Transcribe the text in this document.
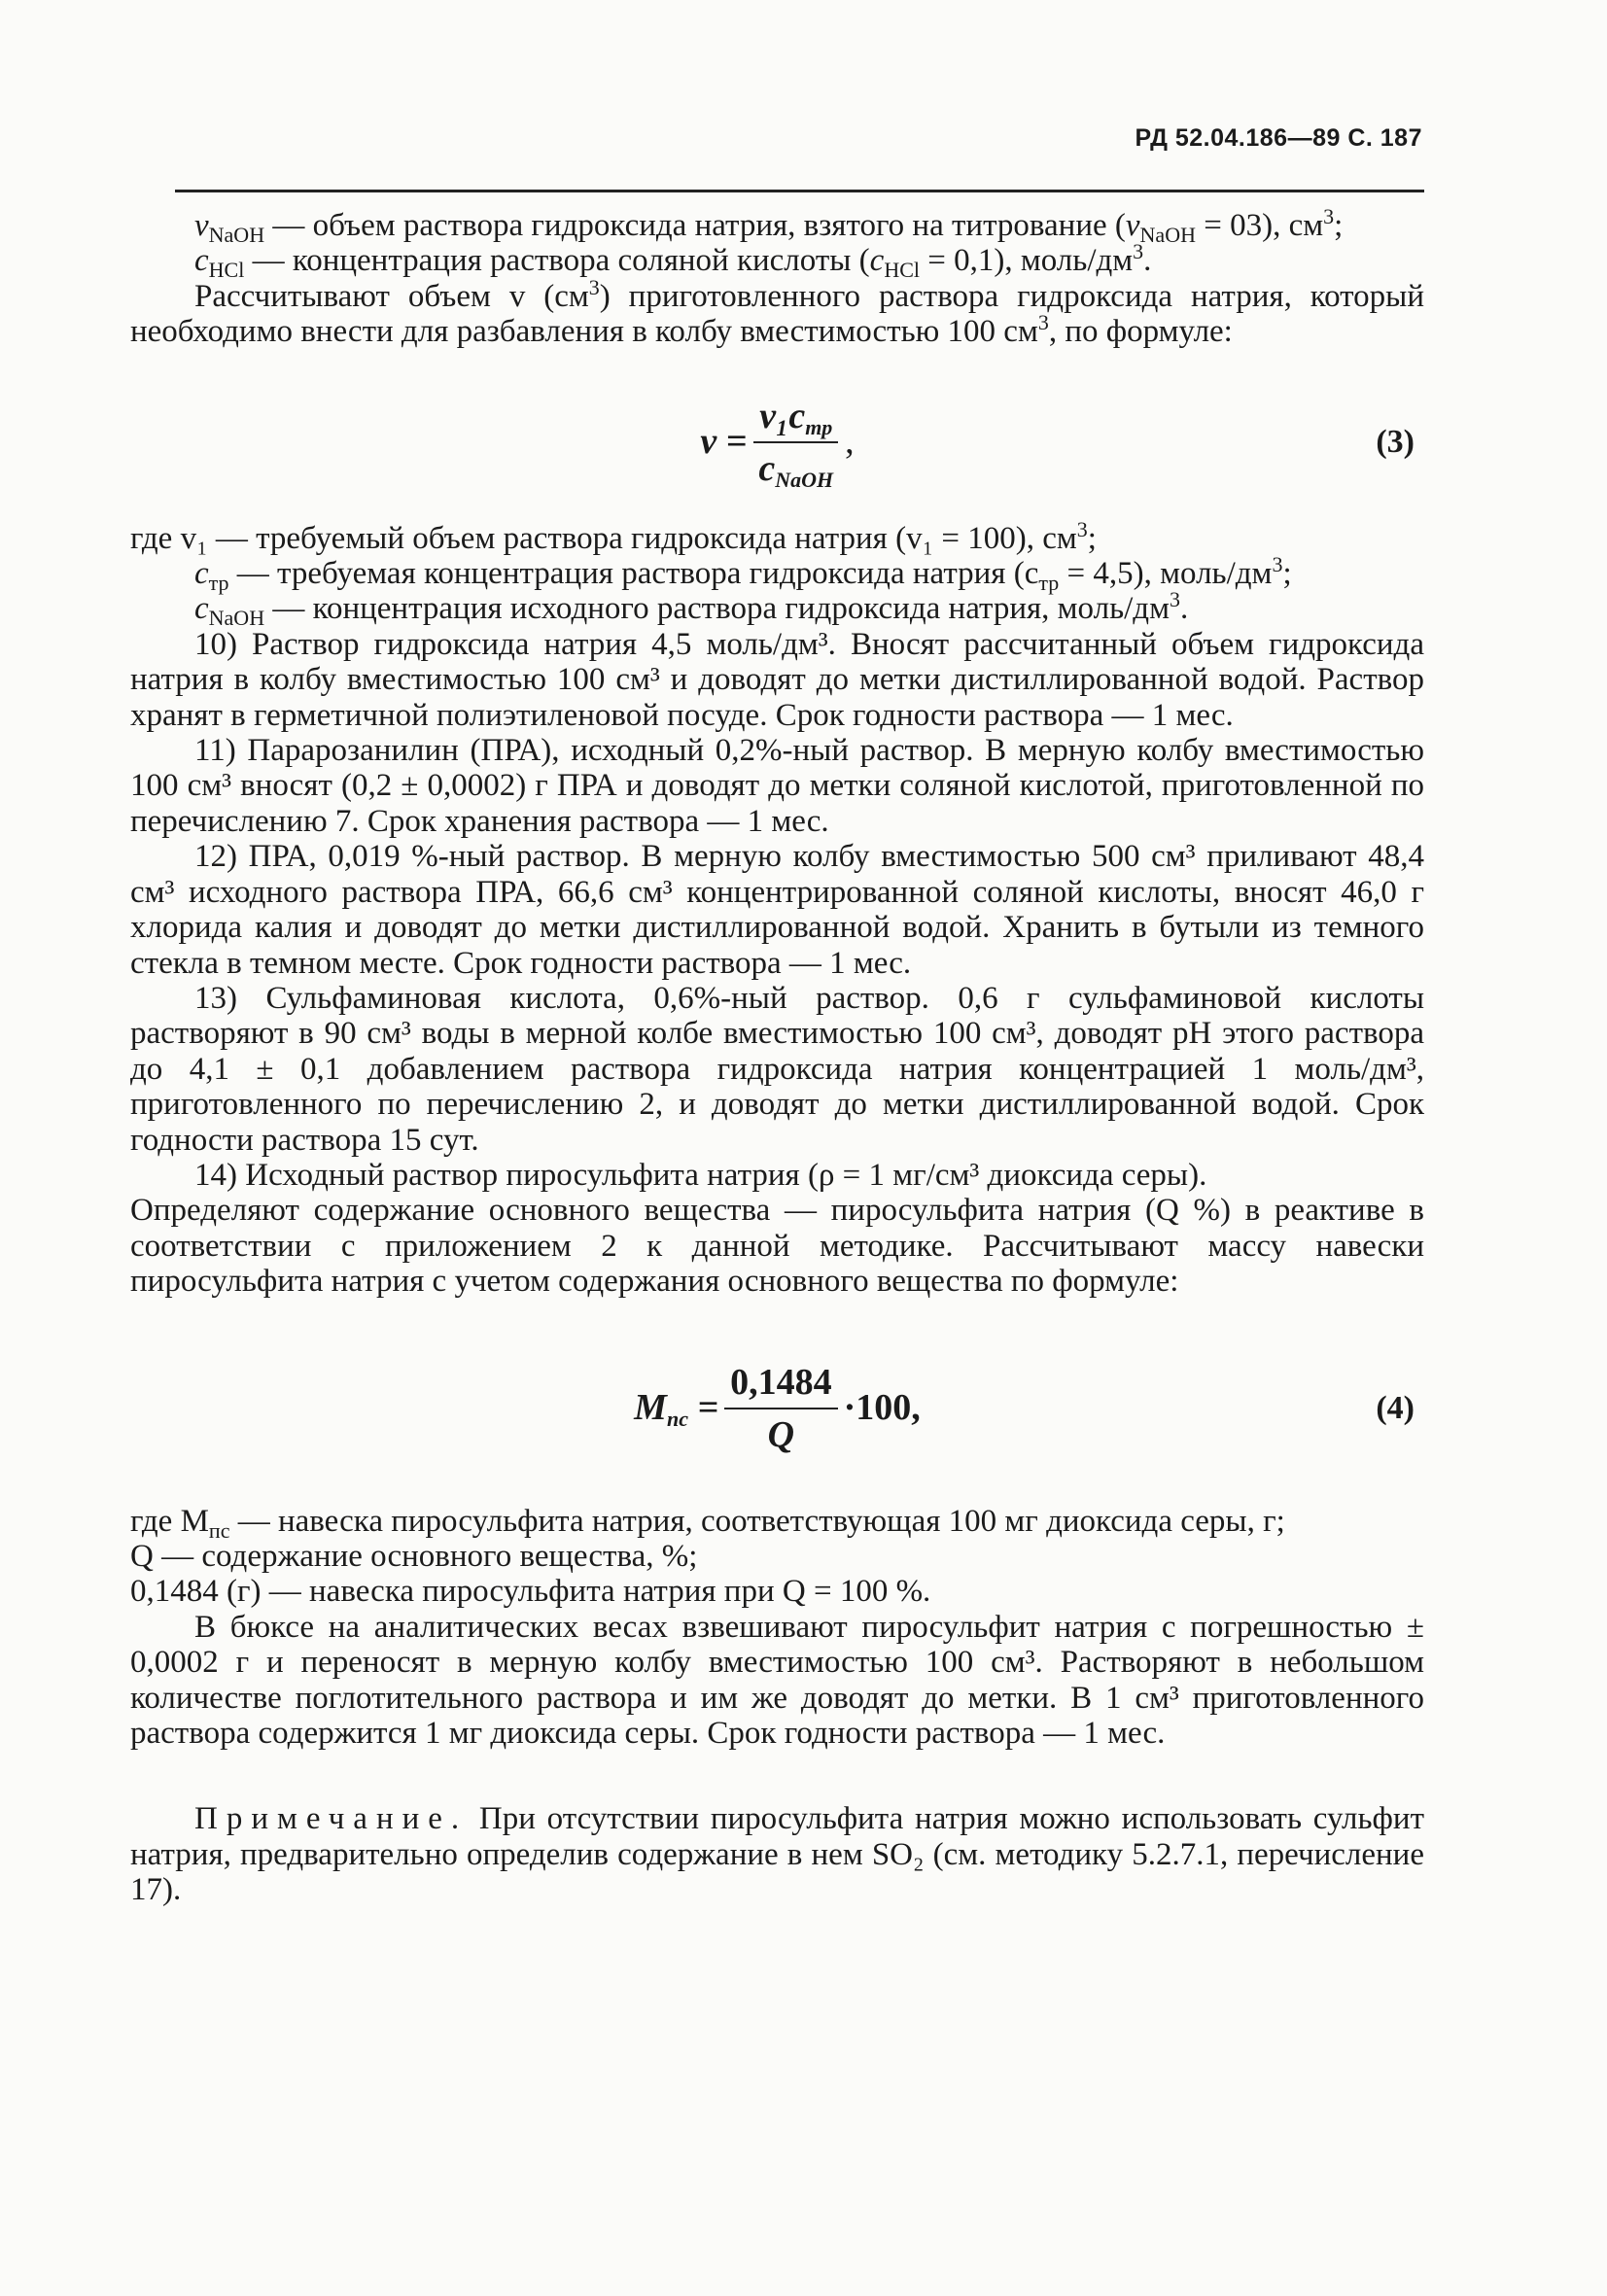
РД 52.04.186—89 С. 187

$v_{NaOH}$ — объем раствора гидроксида натрия, взятого на титрование $(v_{NaOH} = 03)$, $см^3$;

$c_{HCl}$ — концентрация раствора соляной кислоты $(c_{HCl} = 0,1)$, моль/$дм^3$.

Рассчитывают объем v $(см^3)$ приготовленного раствора гидроксида натрия, который необходимо внести для разбавления в колбу вместимостью 100 $см^3$, по формуле:

$v = \frac{v_1c_{тр}}{c_{NaOH}}$ ,	(3)

где v₁ — требуемый объем раствора гидроксида натрия (v₁ = 100), $см^3$;

$c_{тр}$ — требуемая концентрация раствора гидроксида натрия $(c_{тр} = 4,5)$, моль/$дм^3$;

$c_{NaOH}$ — концентрация исходного раствора гидроксида натрия, моль/$дм^3$.

10) Раствор гидроксида натрия 4,5 моль/дм³. Вносят рассчитанный объем гидроксида натрия в колбу вместимостью 100 см³ и доводят до метки дистиллированной водой. Раствор хранят в герметичной полиэтиленовой посуде. Срок годности раствора — 1 мес.

11) Парарозанилин (ПРА), исходный 0,2%-ный раствор. В мерную колбу вместимостью 100 см³ вносят (0,2 ± 0,0002) г ПРА и доводят до метки соляной кислотой, приготовленной по перечислению 7. Срок хранения раствора — 1 мес.

12) ПРА, 0,019 %-ный раствор. В мерную колбу вместимостью 500 см³ приливают 48,4 см³ исходного раствора ПРА, 66,6 см³ концентрированной соляной кислоты, вносят 46,0 г хлорида калия и доводят до метки дистиллированной водой. Хранить в бутыли из темного стекла в темном месте. Срок годности раствора — 1 мес.

13) Сульфаминовая кислота, 0,6%-ный раствор. 0,6 г сульфаминовой кислоты растворяют в 90 см³ воды в мерной колбе вместимостью 100 см³, доводят рН этого раствора до 4,1 ± 0,1 добавлением раствора гидроксида натрия концентрацией 1 моль/дм³, приготовленного по перечислению 2, и доводят до метки дистиллированной водой. Срок годности раствора 15 сут.

14) Исходный раствор пиросульфита натрия (ρ = 1 мг/см³ диоксида серы).

Определяют содержание основного вещества — пиросульфита натрия (Q %) в реактиве в соответствии с приложением 2 к данной методике. Рассчитывают массу навески пиросульфита натрия с учетом содержания основного вещества по формуле:

$M_{пс} = \frac{0,1484}{Q} \cdot 100$,	(4)

где $M_{пс}$ — навеска пиросульфита натрия, соответствующая 100 мг диоксида серы, г;

Q — содержание основного вещества, %;

0,1484 (г) — навеска пиросульфита натрия при Q = 100 %.

В бюксе на аналитических весах взвешивают пиросульфит натрия с погрешностью ± 0,0002 г и переносят в мерную колбу вместимостью 100 см³. Растворяют в небольшом количестве поглотительного раствора и им же доводят до метки. В 1 см³ приготовленного раствора содержится 1 мг диоксида серы. Срок годности раствора — 1 мес.

Примечание. При отсутствии пиросульфита натрия можно использовать сульфит натрия, предварительно определив содержание в нем SO₂ (см. методику 5.2.7.1, перечисление 17).
